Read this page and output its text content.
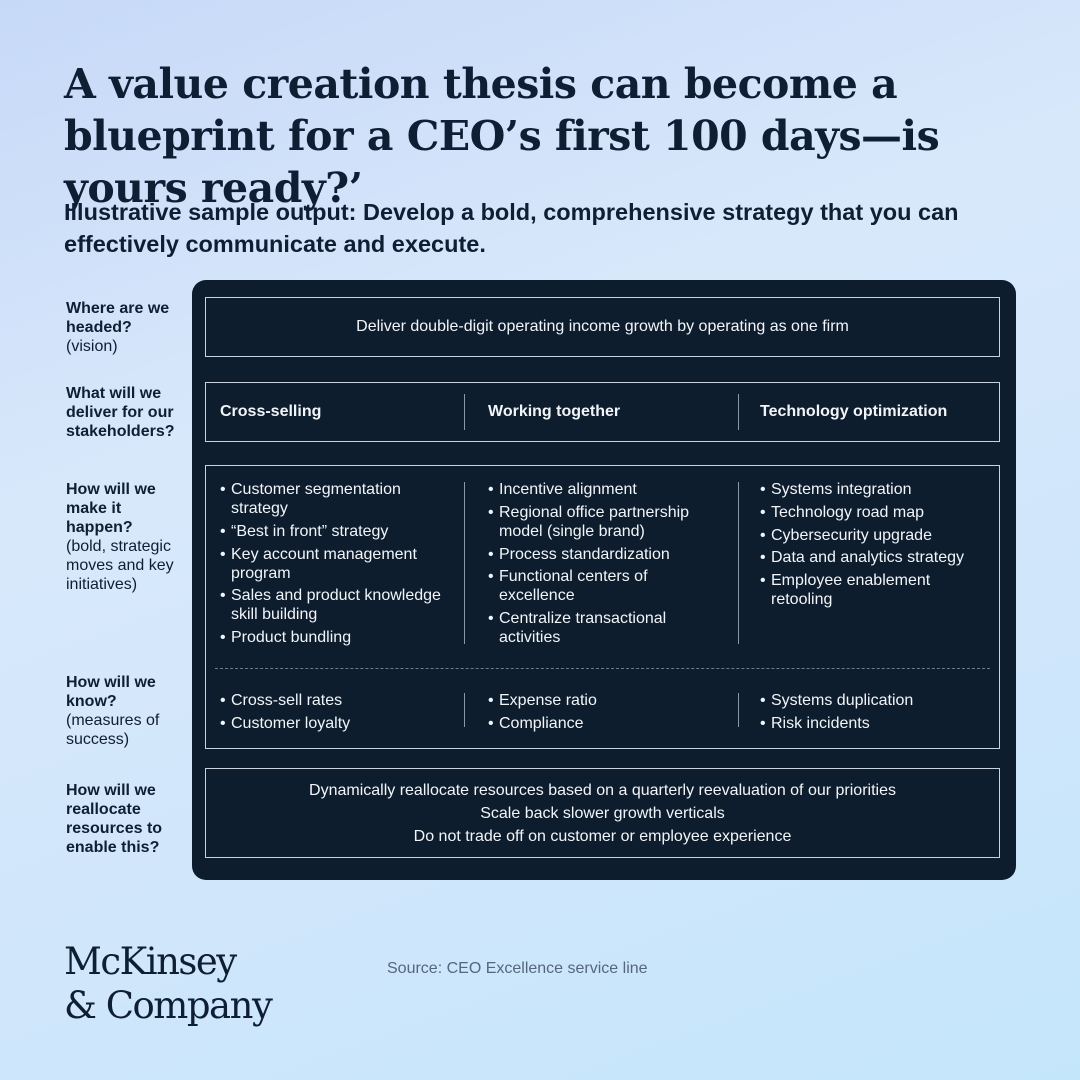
A value creation thesis can become a blueprint for a CEO’s first 100 days—is yours ready?’
Illustrative sample output: Develop a bold, comprehensive strategy that you can effectively communicate and execute.
Where are we headed?
(vision)
What will we deliver for our stakeholders?
How will we make it happen?
(bold, strategic moves and key initiatives)
How will we know?
(measures of success)
How will we reallocate resources to enable this?
Deliver double-digit operating income growth by operating as one firm
Cross-selling	Working together	Technology optimization
• Customer segmentation strategy
• “Best in front” strategy
• Key account management program
• Sales and product knowledge skill building
• Product bundling
• Incentive alignment
• Regional office partnership model (single brand)
• Process standardization
• Functional centers of excellence
• Centralize transactional activities
• Systems integration
• Technology road map
• Cybersecurity upgrade
• Data and analytics strategy
• Employee enablement retooling
• Cross-sell rates
• Customer loyalty
• Expense ratio
• Compliance
• Systems duplication
• Risk incidents
Dynamically reallocate resources based on a quarterly reevaluation of our priorities
Scale back slower growth verticals
Do not trade off on customer or employee experience
McKinsey
& Company
Source: CEO Excellence service line
